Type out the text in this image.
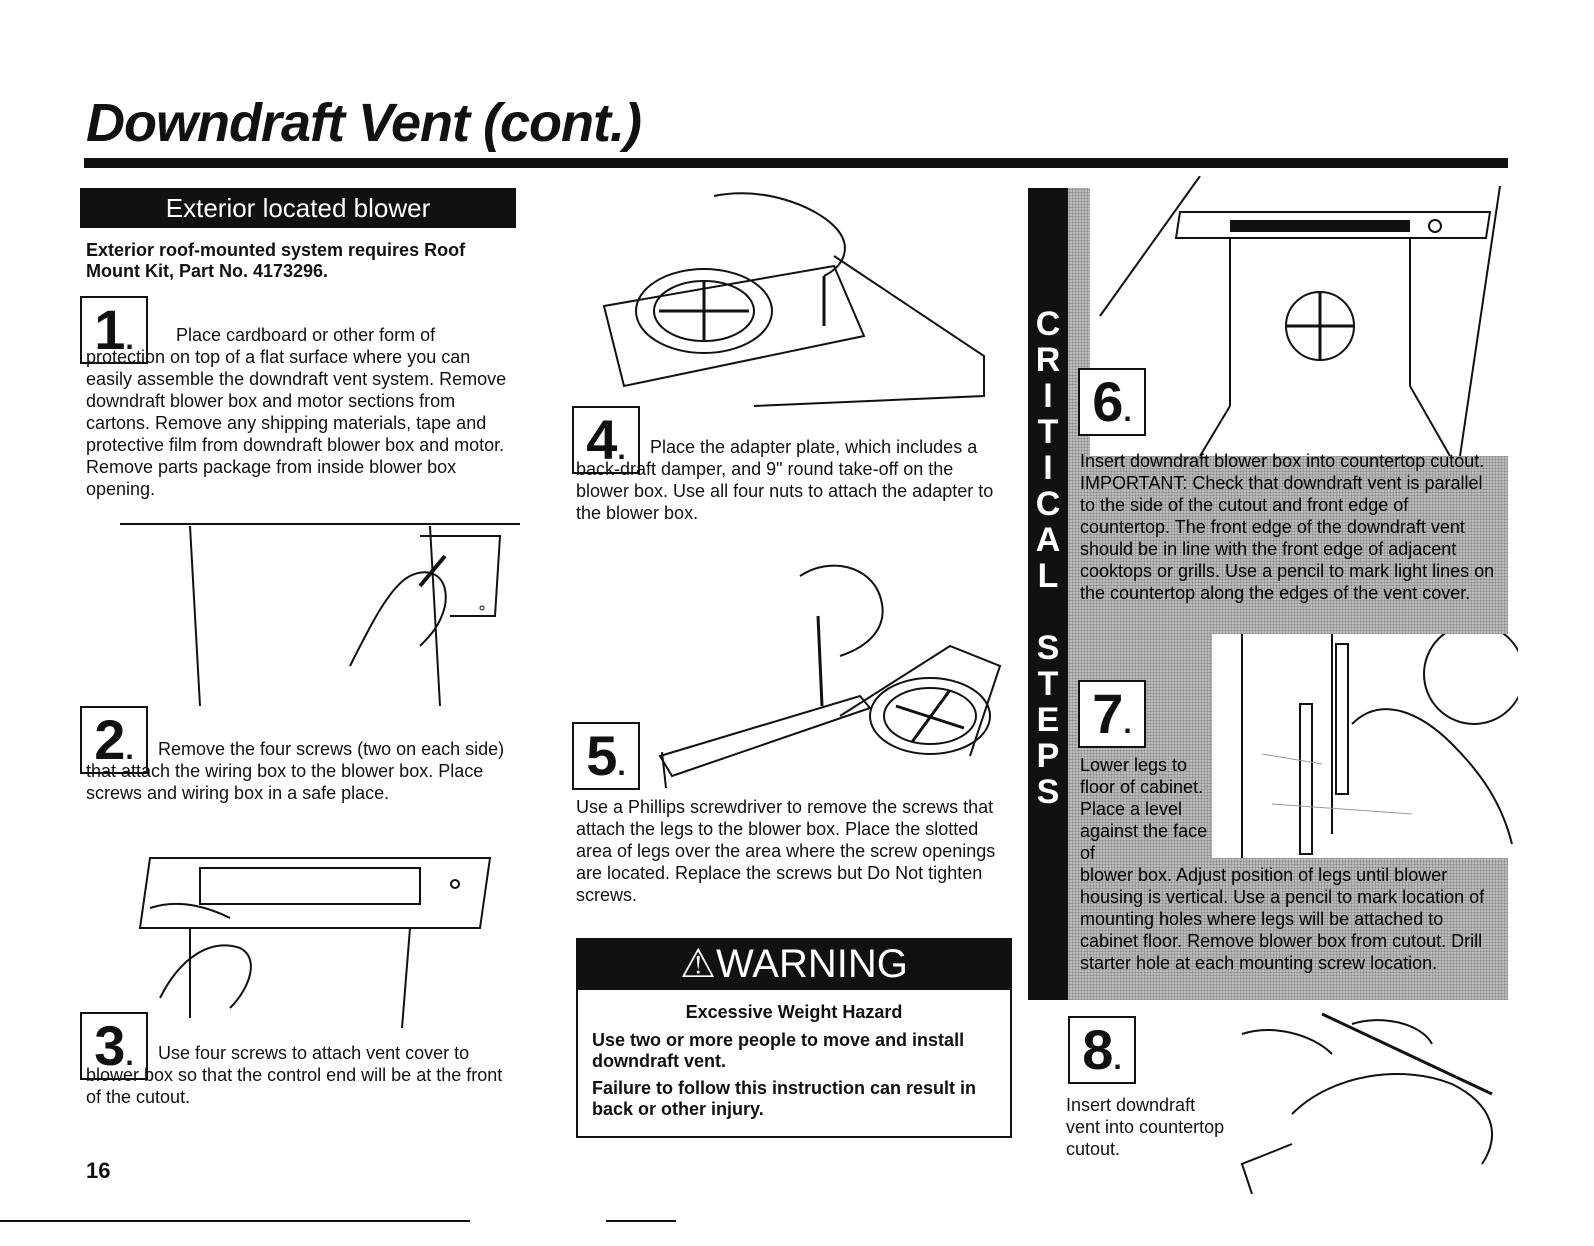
Downdraft Vent (cont.)
Exterior located blower
Exterior roof-mounted system requires Roof Mount Kit, Part No. 4173296.
1.	Place cardboard or other form of protection on top of a flat surface where you can easily assemble the downdraft vent system. Remove downdraft blower box and motor sections from cartons. Remove any shipping materials, tape and protective film from downdraft blower box and motor. Remove parts package from inside blower box opening.
2.	Remove the four screws (two on each side) that attach the wiring box to the blower box. Place screws and wiring box in a safe place.
3.	Use four screws to attach vent cover to blower box so that the control end will be at the front of the cutout.
16
4.	Place the adapter plate, which includes a back-draft damper, and 9" round take-off on the blower box. Use all four nuts to attach the adapter to the blower box.
5.
Use a Phillips screwdriver to remove the screws that attach the legs to the blower box. Place the slotted area of legs over the area where the screw openings are located. Replace the screws but Do Not tighten screws.
⚠WARNING
Excessive Weight Hazard
Use two or more people to move and install downdraft vent.
Failure to follow this instruction can result in back or other injury.
C
R
I
T
I
C
A
L
S
T
E
P
S
6.
Insert downdraft blower box into countertop cutout. IMPORTANT: Check that downdraft vent is parallel to the side of the cutout and front edge of countertop. The front edge of the downdraft vent should be in line with the front edge of adjacent cooktops or grills. Use a pencil to mark light lines on the countertop along the edges of the vent cover.
7.
Lower legs to floor of cabinet. Place a level against the face of
blower box. Adjust position of legs until blower housing is vertical. Use a pencil to mark location of mounting holes where legs will be attached to cabinet floor. Remove blower box from cutout. Drill starter hole at each mounting screw location.
8.
Insert downdraft vent into countertop cutout.
